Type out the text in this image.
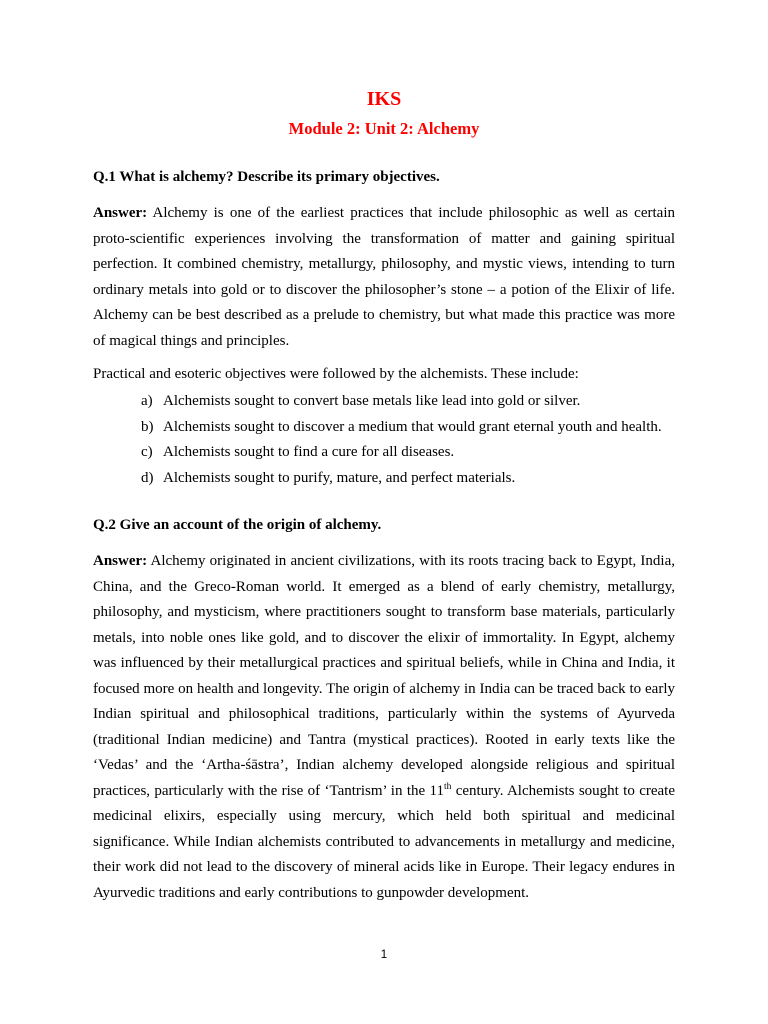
IKS
Module 2: Unit 2: Alchemy

Q.1 What is alchemy? Describe its primary objectives.

Answer: Alchemy is one of the earliest practices that include philosophic as well as certain proto-scientific experiences involving the transformation of matter and gaining spiritual perfection. It combined chemistry, metallurgy, philosophy, and mystic views, intending to turn ordinary metals into gold or to discover the philosopher’s stone – a potion of the Elixir of life. Alchemy can be best described as a prelude to chemistry, but what made this practice was more of magical things and principles.

Practical and esoteric objectives were followed by the alchemists. These include:

a) Alchemists sought to convert base metals like lead into gold or silver.
b) Alchemists sought to discover a medium that would grant eternal youth and health.
c) Alchemists sought to find a cure for all diseases.
d) Alchemists sought to purify, mature, and perfect materials.

Q.2 Give an account of the origin of alchemy.

Answer: Alchemy originated in ancient civilizations, with its roots tracing back to Egypt, India, China, and the Greco-Roman world. It emerged as a blend of early chemistry, metallurgy, philosophy, and mysticism, where practitioners sought to transform base materials, particularly metals, into noble ones like gold, and to discover the elixir of immortality. In Egypt, alchemy was influenced by their metallurgical practices and spiritual beliefs, while in China and India, it focused more on health and longevity. The origin of alchemy in India can be traced back to early Indian spiritual and philosophical traditions, particularly within the systems of Ayurveda (traditional Indian medicine) and Tantra (mystical practices). Rooted in early texts like the ‘Vedas’ and the ‘Artha-śāstra’, Indian alchemy developed alongside religious and spiritual practices, particularly with the rise of ‘Tantrism’ in the 11th century. Alchemists sought to create medicinal elixirs, especially using mercury, which held both spiritual and medicinal significance. While Indian alchemists contributed to advancements in metallurgy and medicine, their work did not lead to the discovery of mineral acids like in Europe. Their legacy endures in Ayurvedic traditions and early contributions to gunpowder development.

1
